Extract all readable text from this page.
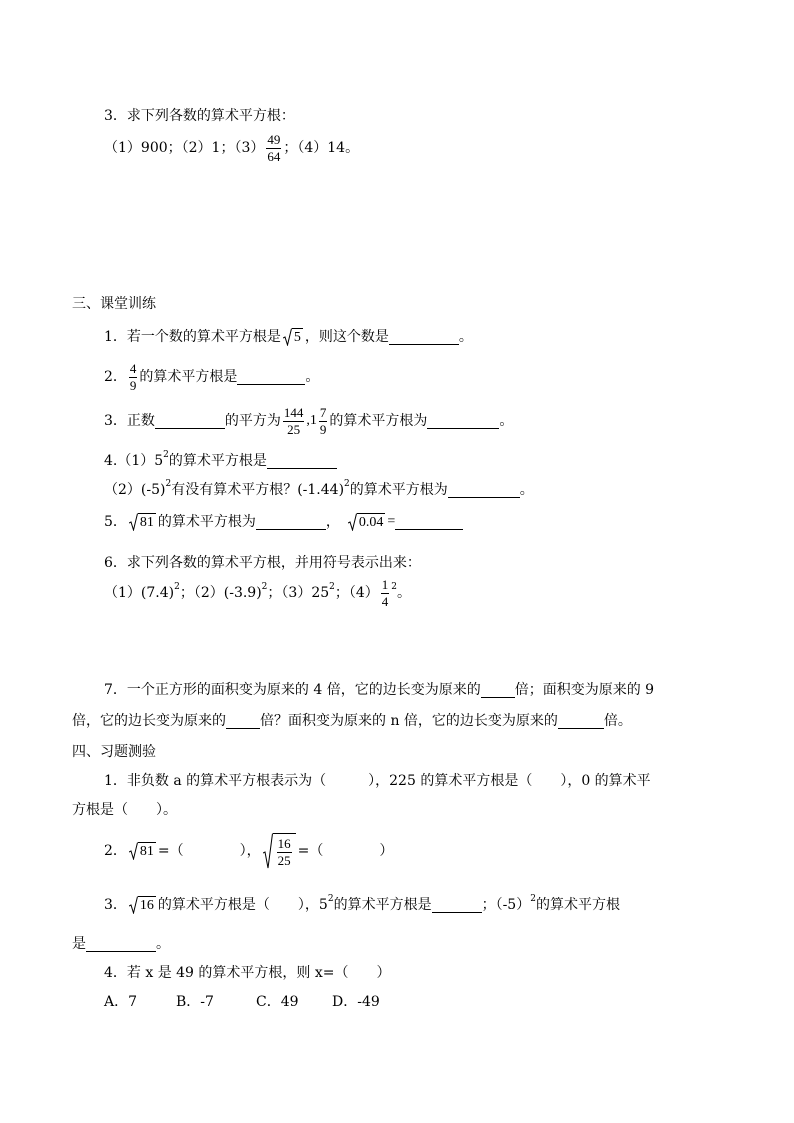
3． 求下列各数的算术平方根：
（1）900；（2）1；$(3) \frac{49}{64}$ ；（4）14。
三、课堂训练
1．若一个数的算术平方根是 5 ，则这个数是	。
2． $\frac{4}{9}$ 的算术平方根是	。
3．正数	的平方为 $\frac{144}{25}$ , $1 \frac{7}{9}$ 的算术平方根为	。
4.（1）5 2 的算术平方根是
（2）(-5) 2 有没有算术平方根？(-1.44) 2 的算术平方根为	。
5． 81 的算术平方根为	， 0.04 =
6．求下列各数的算术平方根，并用符号表示出来：
（1）(7.4) 2 ；（2）(-3.9) 2 ；（3）25 2 ；$(4) \frac{1}{4} 2$ 。
7．一个正方形的面积变为原来的 4 倍，它的边长变为原来的 倍；面积变为原来的 9
倍，它的边长变为原来的 倍？面积变为原来的 n 倍，它的边长变为原来的	倍。
四、习题测验
1．非负数 a 的算术平方根表示为（　　　），225 的算术平方根是（　　），0 的算术平
方根是（　　）。
2． 81 =（　　　　）， $\frac{16}{25}$ =（　　　　）
3． 16 的算术平方根是（　　），5 2 的算术平方根是	；（-5） 2 的算术平方根
是	。
4．若 x 是 49 的算术平方根，则 x=（　　）
A．7	B．-7	C．49	D．-49
